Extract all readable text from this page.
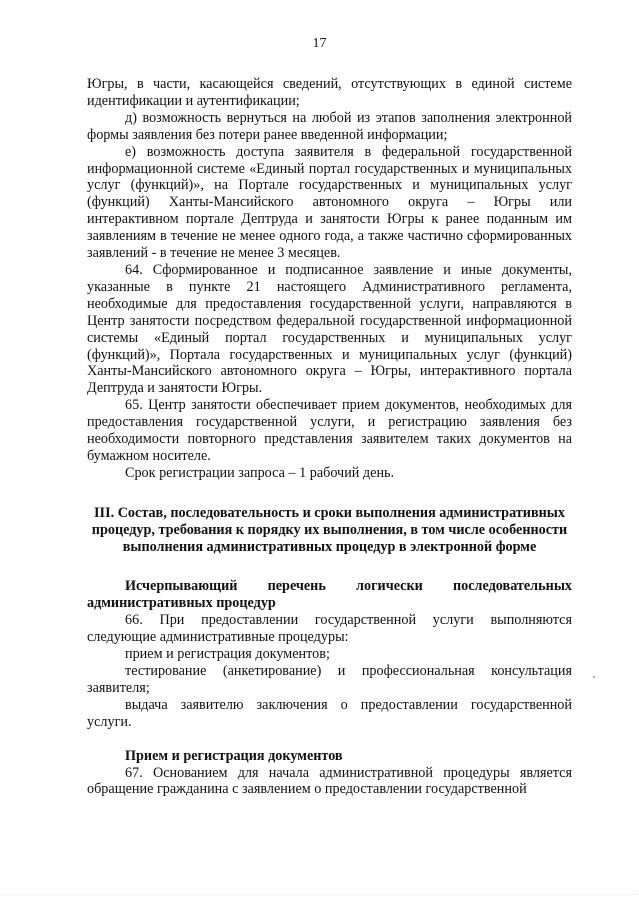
17

Югры, в части, касающейся сведений, отсутствующих в единой системе идентификации и аутентификации;

д) возможность вернуться на любой из этапов заполнения электронной формы заявления без потери ранее введенной информации;

е) возможность доступа заявителя в федеральной государственной информационной системе «Единый портал государственных и муниципальных услуг (функций)», на Портале государственных и муниципальных услуг (функций) Ханты-Мансийского автономного округа – Югры или интерактивном портале Дептруда и занятости Югры к ранее поданным им заявлениям в течение не менее одного года, а также частично сформированных заявлений - в течение не менее 3 месяцев.

64. Сформированное и подписанное заявление и иные документы, указанные в пункте 21 настоящего Административного регламента, необходимые для предоставления государственной услуги, направляются в Центр занятости посредством федеральной государственной информационной системы «Единый портал государственных и муниципальных услуг (функций)», Портала государственных и муниципальных услуг (функций) Ханты-Мансийского автономного округа – Югры, интерактивного портала Дептруда и занятости Югры.

65. Центр занятости обеспечивает прием документов, необходимых для предоставления государственной услуги, и регистрацию заявления без необходимости повторного представления заявителем таких документов на бумажном носителе.

Срок регистрации запроса – 1 рабочий день.

III. Состав, последовательность и сроки выполнения административных процедур, требования к порядку их выполнения, в том числе особенности выполнения административных процедур в электронной форме

Исчерпывающий перечень логически последовательных административных процедур

66. При предоставлении государственной услуги выполняются следующие административные процедуры:

прием и регистрация документов;

тестирование (анкетирование) и профессиональная консультация заявителя;

выдача заявителю заключения о предоставлении государственной услуги.

Прием и регистрация документов

67. Основанием для начала административной процедуры является обращение гражданина с заявлением о предоставлении государственной
